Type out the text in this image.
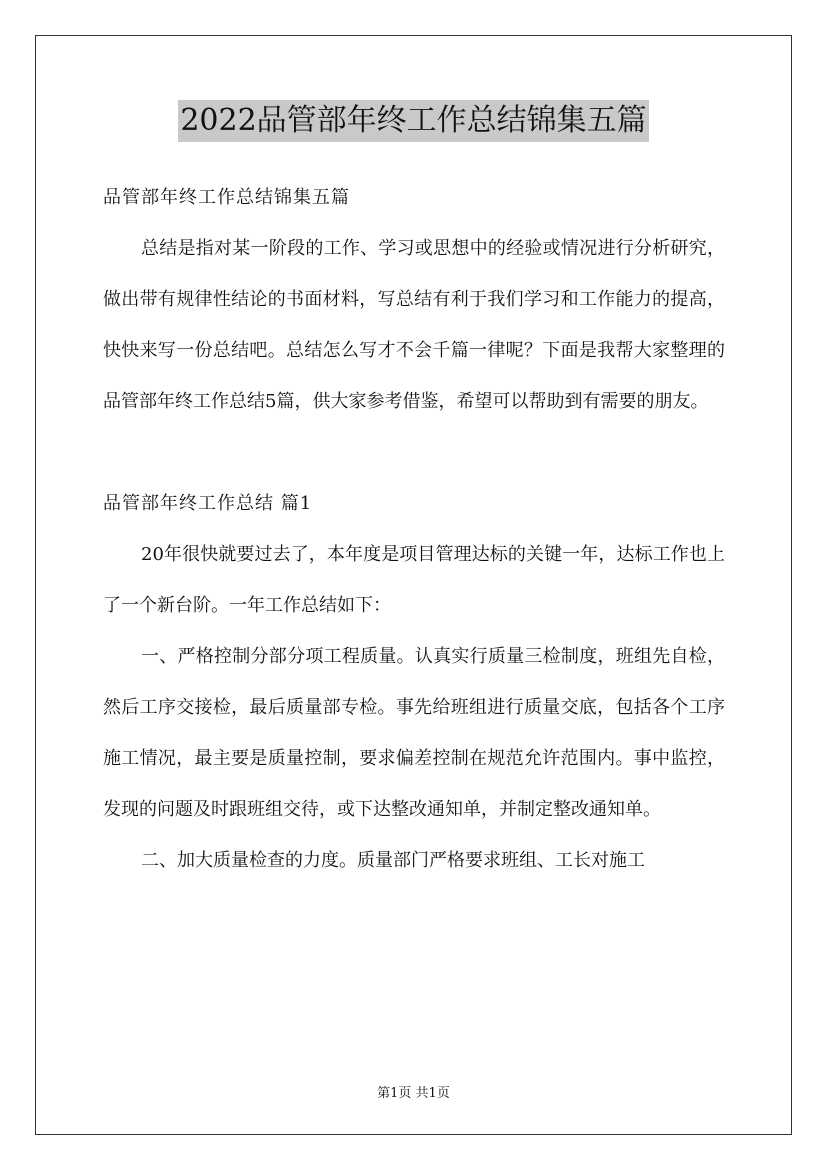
2022品管部年终工作总结锦集五篇

品管部年终工作总结锦集五篇

总结是指对某一阶段的工作、学习或思想中的经验或情况进行分析研究，做出带有规律性结论的书面材料，写总结有利于我们学习和工作能力的提高，快快来写一份总结吧。总结怎么写才不会千篇一律呢？下面是我帮大家整理的品管部年终工作总结5篇，供大家参考借鉴，希望可以帮助到有需要的朋友。

品管部年终工作总结 篇1

20年很快就要过去了，本年度是项目管理达标的关键一年，达标工作也上了一个新台阶。一年工作总结如下：

一、严格控制分部分项工程质量。认真实行质量三检制度，班组先自检，然后工序交接检，最后质量部专检。事先给班组进行质量交底，包括各个工序施工情况，最主要是质量控制，要求偏差控制在规范允许范围内。事中监控，发现的问题及时跟班组交待，或下达整改通知单，并制定整改通知单。

二、加大质量检查的力度。质量部门严格要求班组、工长对施工

第1页 共1页
